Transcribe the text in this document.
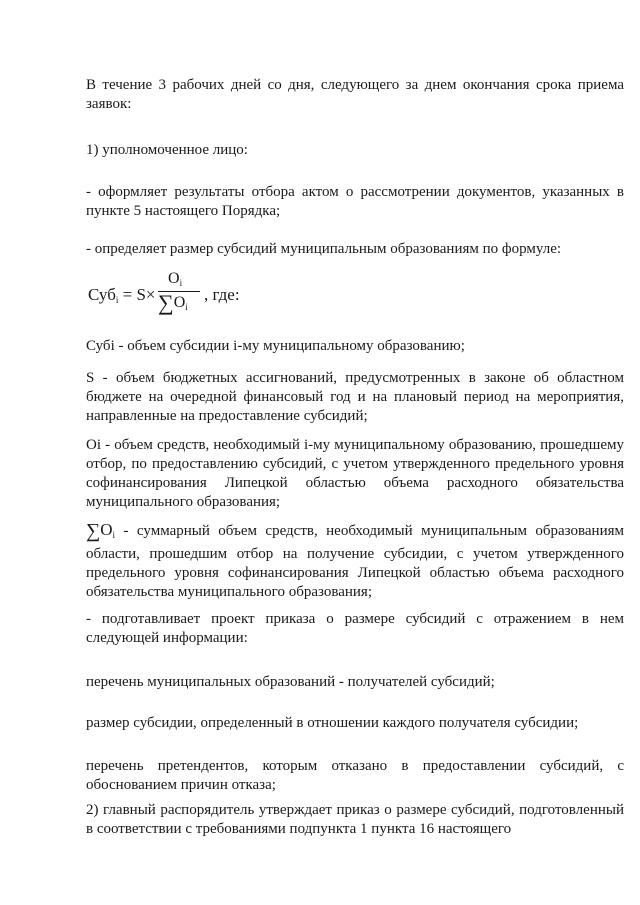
В течение 3 рабочих дней со дня, следующего за днем окончания срока приема заявок:

1) уполномоченное лицо:

- оформляет результаты отбора актом о рассмотрении документов, указанных в пункте 5 настоящего Порядка;

- определяет размер субсидий муниципальным образованиям по формуле:

Суб$_i$ = S×
$O_i$
$\sum O_i$
, где:

Субi - объем субсидии i-му муниципальному образованию;

S - объем бюджетных ассигнований, предусмотренных в законе об областном бюджете на очередной финансовый год и на плановый период на мероприятия, направленные на предоставление субсидий;

Oi - объем средств, необходимый i-му муниципальному образованию, прошедшему отбор, по предоставлению субсидий, с учетом утвержденного предельного уровня софинансирования Липецкой областью объема расходного обязательства муниципального образования;

∑Oi - суммарный объем средств, необходимый муниципальным образованиям области, прошедшим отбор на получение субсидии, с учетом утвержденного предельного уровня софинансирования Липецкой областью объема расходного обязательства муниципального образования;

- подготавливает проект приказа о размере субсидий с отражением в нем следующей информации:

перечень муниципальных образований - получателей субсидий;

размер субсидии, определенный в отношении каждого получателя субсидии;

перечень претендентов, которым отказано в предоставлении субсидий, с обоснованием причин отказа;

2) главный распорядитель утверждает приказ о размере субсидий, подготовленный в соответствии с требованиями подпункта 1 пункта 16 настоящего
